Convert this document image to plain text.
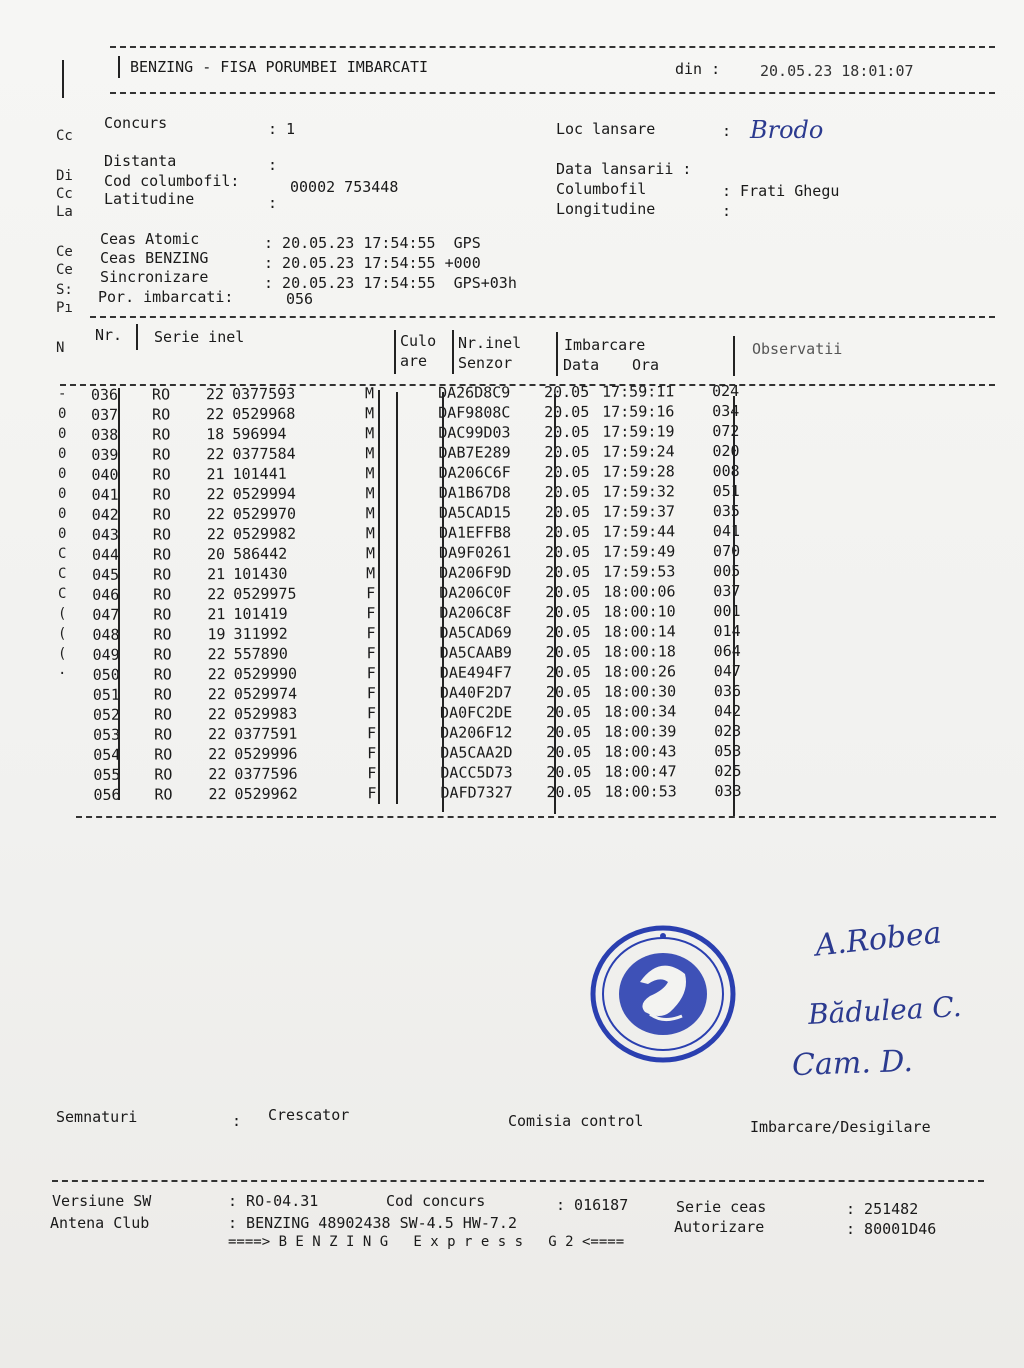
BENZING - FISA PORUMBEI IMBARCATI	din :	20.05.23 18:01:07
Cc
Di
Cc
La
Ce
Ce
S:
Pı
N
Concurs	: 1	Loc lansare	: Brodo
Distanta	:
Cod columbofil:	00002 753448
Latitudine	:
Data lansarii :
Columbofil	: Frati Ghegu
Longitudine	:
Ceas Atomic	: 20.05.23 17:54:55  GPS
Ceas BENZING	: 20.05.23 17:54:55 +000
Sincronizare	: 20.05.23 17:54:55  GPS+03h
Por. imbarcati:	056
Nr. Serie inel	Culo
are
Nr.inel
Senzor
Imbarcare
Data Ora
Observatii
-
0
0
0
0
0
0
0
C
C
C
(
(
(
·
036		RO	22	0377593	M		DA26D8C9		20.05	17:59:11	024
037		RO	22	0529968	M		DAF9808C		20.05	17:59:16	034
038		RO	18	596994	M		DAC99D03		20.05	17:59:19	072
039		RO	22	0377584	M		DAB7E289		20.05	17:59:24	020
040		RO	21	101441	M		DA206C6F		20.05	17:59:28	008
041		RO	22	0529994	M		DA1B67D8		20.05	17:59:32	051
042		RO	22	0529970	M		DA5CAD15		20.05	17:59:37	035
043		RO	22	0529982	M		DA1EFFB8		20.05	17:59:44	041
044		RO	20	586442	M		DA9F0261		20.05	17:59:49	070
045		RO	21	101430	M		DA206F9D		20.05	17:59:53	005
046		RO	22	0529975	F		DA206C0F		20.05	18:00:06	037
047		RO	21	101419	F		DA206C8F		20.05	18:00:10	001
048		RO	19	311992	F		DA5CAD69		20.05	18:00:14	014
049		RO	22	557890	F		DA5CAAB9		20.05	18:00:18	064
050		RO	22	0529990	F		DAE494F7		20.05	18:00:26	047
051		RO	22	0529974	F		DA40F2D7		20.05	18:00:30	036
052		RO	22	0529983	F		DA0FC2DE		20.05	18:00:34	042
053		RO	22	0377591	F		DA206F12		20.05	18:00:39	023
054		RO	22	0529996	F		DA5CAA2D		20.05	18:00:43	053
055		RO	22	0377596	F		DACC5D73		20.05	18:00:47	025
056		RO	22	0529962	F		DAFD7327		20.05	18:00:53	033
A.Robea
Bădulea C.
Cam. D.
Semnaturi	: Crescator	Comisia control	Imbarcare/Desigilare
Versiune SW	: RO-04.31	Cod concurs	: 016187	Serie ceas	: 251482
Antena Club	: BENZING 48902438 SW-4.5 HW-7.2	Autorizare	: 80001D46
====> B E N Z I N G   E x p r e s s   G 2 <====
